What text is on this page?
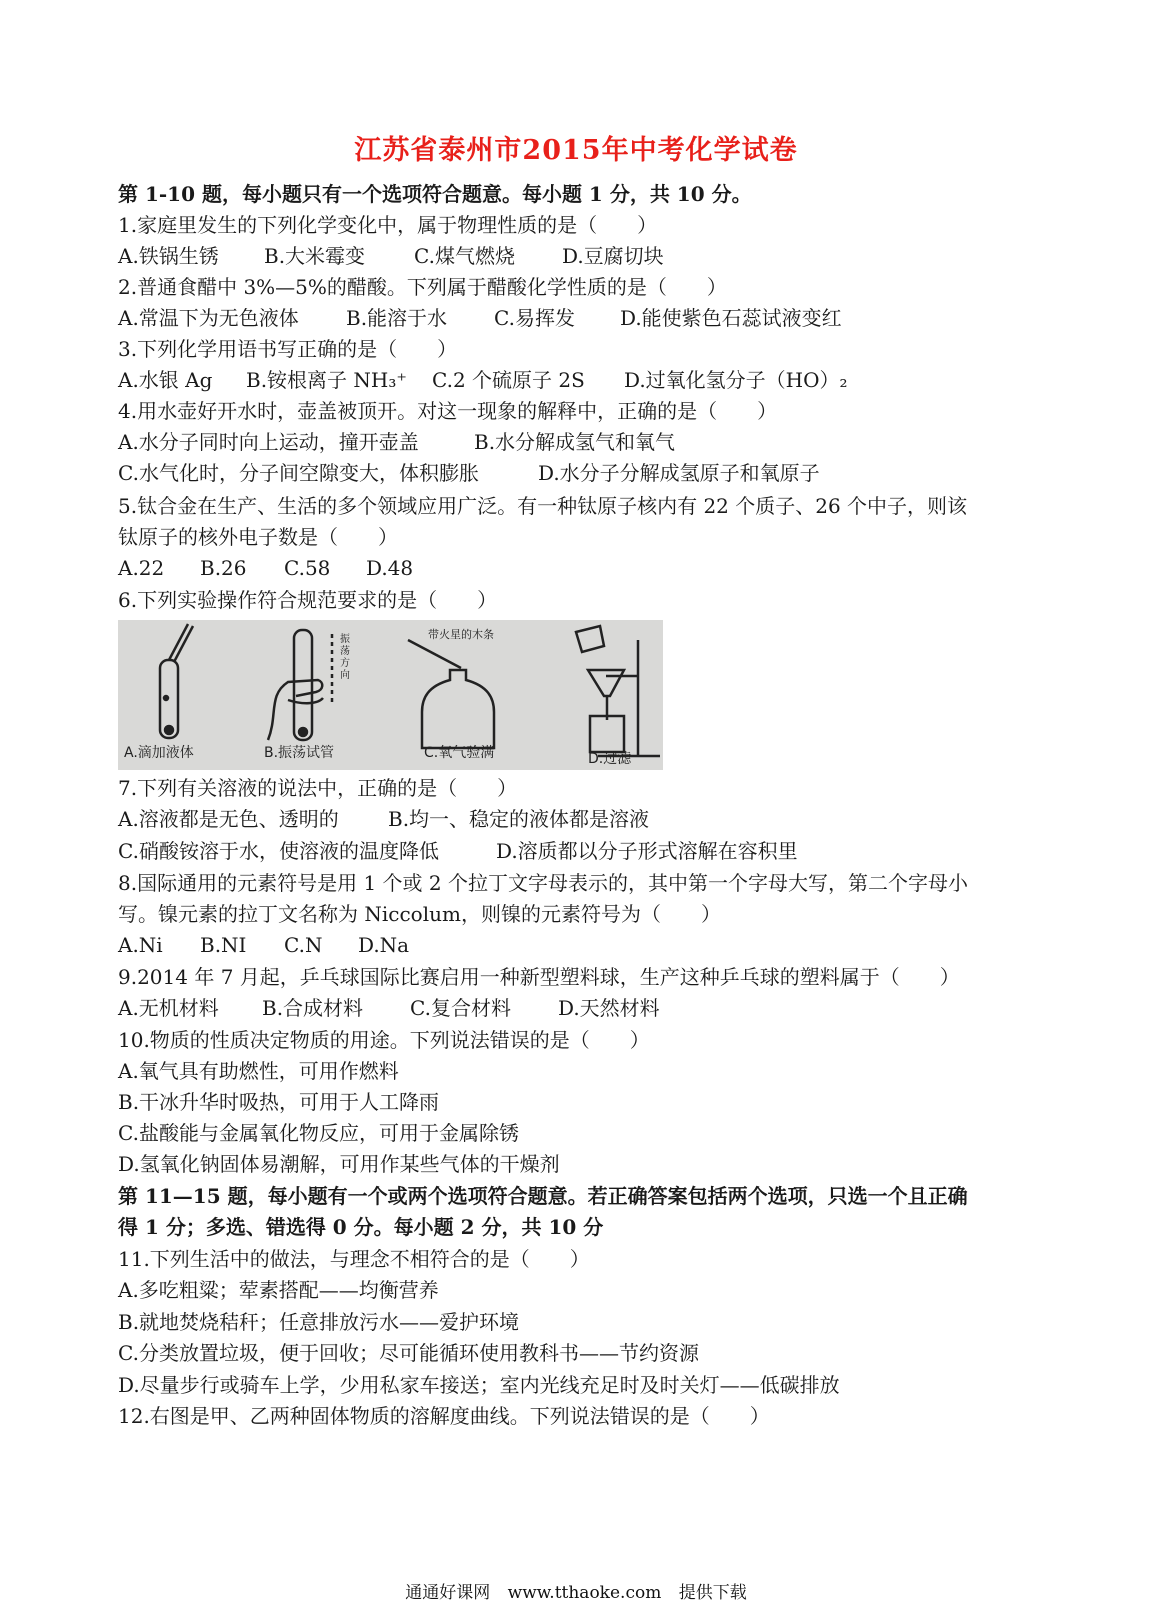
江苏省泰州市2015年中考化学试卷
第 1-10 题，每小题只有一个选项符合题意。每小题 1 分，共 10 分。
1.家庭里发生的下列化学变化中，属于物理性质的是（　　）
A.铁锅生锈 B.大米霉变 C.煤气燃烧 D.豆腐切块
2.普通食醋中 3%—5%的醋酸。下列属于醋酸化学性质的是（　　）
A.常温下为无色液体 B.能溶于水 C.易挥发 D.能使紫色石蕊试液变红
3.下列化学用语书写正确的是（　　）
A.水银 Ag B.铵根离子 NH₃⁺ C.2 个硫原子 2S D.过氧化氢分子（HO）₂
4.用水壶好开水时，壶盖被顶开。对这一现象的解释中，正确的是（　　）
A.水分子同时向上运动，撞开壶盖	B.水分解成氢气和氧气
C.水气化时，分子间空隙变大，体积膨胀	D.水分子分解成氢原子和氧原子
5.钛合金在生产、生活的多个领域应用广泛。有一种钛原子核内有 22 个质子、26 个中子，则该
钛原子的核外电子数是（　　）
A.22 B.26 C.58 D.48
6.下列实验操作符合规范要求的是（　　）
A.滴加液体	B.振荡试管	C.氧气验满	D.过滤
带火星的木条
振荡方向
7.下列有关溶液的说法中，正确的是（　　）
A.溶液都是无色、透明的 B.均一、稳定的液体都是溶液
C.硝酸铵溶于水，使溶液的温度降低	D.溶质都以分子形式溶解在容积里
8.国际通用的元素符号是用 1 个或 2 个拉丁文字母表示的，其中第一个字母大写，第二个字母小
写。镍元素的拉丁文名称为 Niccolum，则镍的元素符号为（　　）
A.Ni B.NI C.N D.Na
9.2014 年 7 月起，乒乓球国际比赛启用一种新型塑料球，生产这种乒乓球的塑料属于（　　）
A.无机材料 B.合成材料 C.复合材料 D.天然材料
10.物质的性质决定物质的用途。下列说法错误的是（　　）
A.氧气具有助燃性，可用作燃料
B.干冰升华时吸热，可用于人工降雨
C.盐酸能与金属氧化物反应，可用于金属除锈
D.氢氧化钠固体易潮解，可用作某些气体的干燥剂
第 11—15 题，每小题有一个或两个选项符合题意。若正确答案包括两个选项，只选一个且正确
得 1 分；多选、错选得 0 分。每小题 2 分，共 10 分
11.下列生活中的做法，与理念不相符合的是（　　）
A.多吃粗粱；荤素搭配——均衡营养
B.就地焚烧秸秆；任意排放污水——爱护环境
C.分类放置垃圾，便于回收；尽可能循环使用教科书——节约资源
D.尽量步行或骑车上学，少用私家车接送；室内光线充足时及时关灯——低碳排放
12.右图是甲、乙两种固体物质的溶解度曲线。下列说法错误的是（　　）
通通好课网 www.tthaoke.com 提供下载
